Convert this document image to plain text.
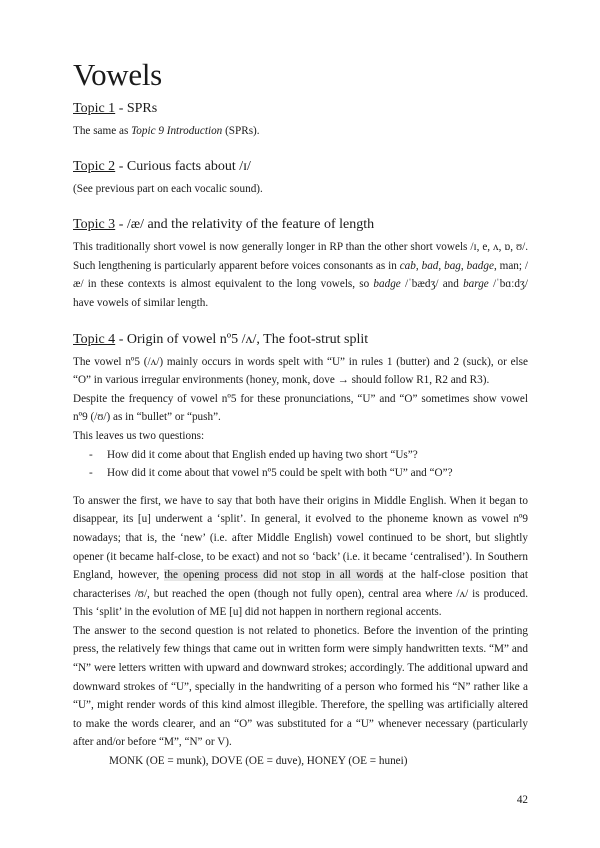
Vowels
Topic 1 - SPRs

The same as Topic 9 Introduction (SPRs).

Topic 2 - Curious facts about /ɪ/

(See previous part on each vocalic sound).

Topic 3 - /æ/ and the relativity of the feature of length

This traditionally short vowel is now generally longer in RP than the other short vowels /ɪ, e, ʌ, ɒ, ʊ/. Such lengthening is particularly apparent before voices consonants as in cab, bad, bag, badge, man; /æ/ in these contexts is almost equivalent to the long vowels, so badge /ˈbædʒ/ and barge /ˈbɑːdʒ/ have vowels of similar length.

Topic 4 - Origin of vowel nº5 /ʌ/, The foot-strut split

The vowel nº5 (/ʌ/) mainly occurs in words spelt with “U” in rules 1 (butter) and 2 (suck), or else “O” in various irregular environments (honey, monk, dove → should follow R1, R2 and R3).

Despite the frequency of vowel nº5 for these pronunciations, “U” and “O” sometimes show vowel nº9 (/ʊ/) as in “bullet” or “push”.

This leaves us two questions:

- How did it come about that English ended up having two short “Us”?
- How did it come about that vowel nº5 could be spelt with both “U” and “O”?

To answer the first, we have to say that both have their origins in Middle English. When it began to disappear, its [u] underwent a ‘split’. In general, it evolved to the phoneme known as vowel nº9 nowadays; that is, the ‘new’ (i.e. after Middle English) vowel continued to be short, but slightly opener (it became half-close, to be exact) and not so ‘back’ (i.e. it became ‘centralised’). In Southern England, however, the opening process did not stop in all words at the half-close position that characterises /ʊ/, but reached the open (though not fully open), central area where /ʌ/ is produced. This ‘split’ in the evolution of ME [u] did not happen in northern regional accents.

The answer to the second question is not related to phonetics. Before the invention of the printing press, the relatively few things that came out in written form were simply handwritten texts. “M” and “N” were letters written with upward and downward strokes; accordingly. The additional upward and downward strokes of “U”, specially in the handwriting of a person who formed his “N” rather like a “U”, might render words of this kind almost illegible. Therefore, the spelling was artificially altered to make the words clearer, and an “O” was substituted for a “U” whenever necessary (particularly after and/or before “M”, “N” or V).

MONK (OE = munk), DOVE (OE = duve), HONEY (OE = hunei)
42
